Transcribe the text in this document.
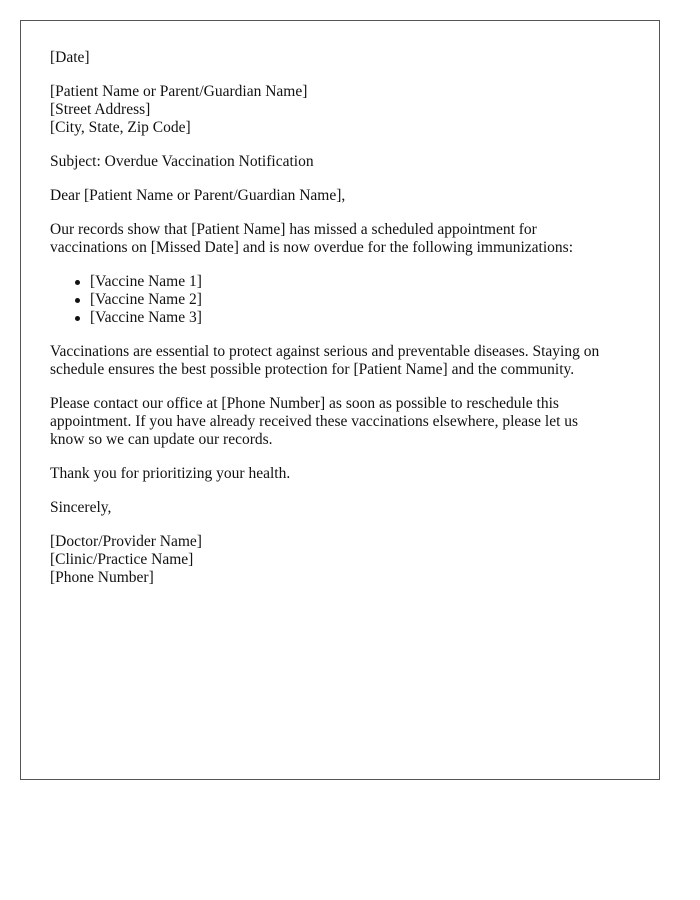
[Date]
[Patient Name or Parent/Guardian Name]
[Street Address]
[City, State, Zip Code]
Subject: Overdue Vaccination Notification
Dear [Patient Name or Parent/Guardian Name],
Our records show that [Patient Name] has missed a scheduled appointment for
vaccinations on [Missed Date] and is now overdue for the following immunizations:
[Vaccine Name 1]
[Vaccine Name 2]
[Vaccine Name 3]
Vaccinations are essential to protect against serious and preventable diseases. Staying on
schedule ensures the best possible protection for [Patient Name] and the community.
Please contact our office at [Phone Number] as soon as possible to reschedule this
appointment. If you have already received these vaccinations elsewhere, please let us
know so we can update our records.
Thank you for prioritizing your health.
Sincerely,
[Doctor/Provider Name]
[Clinic/Practice Name]
[Phone Number]
